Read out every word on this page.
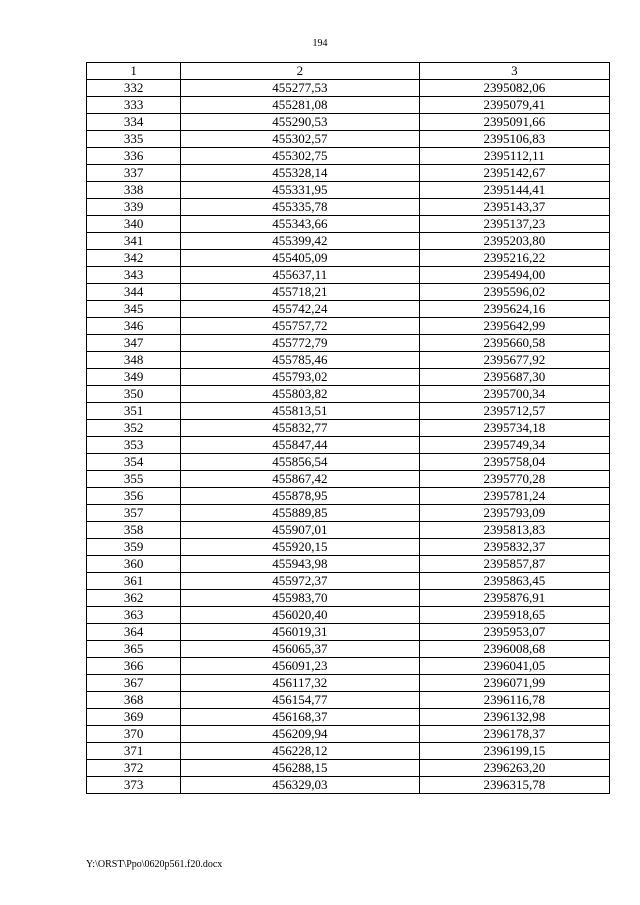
194
1	2	3
332	455277,53	2395082,06
333	455281,08	2395079,41
334	455290,53	2395091,66
335	455302,57	2395106,83
336	455302,75	2395112,11
337	455328,14	2395142,67
338	455331,95	2395144,41
339	455335,78	2395143,37
340	455343,66	2395137,23
341	455399,42	2395203,80
342	455405,09	2395216,22
343	455637,11	2395494,00
344	455718,21	2395596,02
345	455742,24	2395624,16
346	455757,72	2395642,99
347	455772,79	2395660,58
348	455785,46	2395677,92
349	455793,02	2395687,30
350	455803,82	2395700,34
351	455813,51	2395712,57
352	455832,77	2395734,18
353	455847,44	2395749,34
354	455856,54	2395758,04
355	455867,42	2395770,28
356	455878,95	2395781,24
357	455889,85	2395793,09
358	455907,01	2395813,83
359	455920,15	2395832,37
360	455943,98	2395857,87
361	455972,37	2395863,45
362	455983,70	2395876,91
363	456020,40	2395918,65
364	456019,31	2395953,07
365	456065,37	2396008,68
366	456091,23	2396041,05
367	456117,32	2396071,99
368	456154,77	2396116,78
369	456168,37	2396132,98
370	456209,94	2396178,37
371	456228,12	2396199,15
372	456288,15	2396263,20
373	456329,03	2396315,78
Y:\ORST\Ppo\0620p561.f20.docx
